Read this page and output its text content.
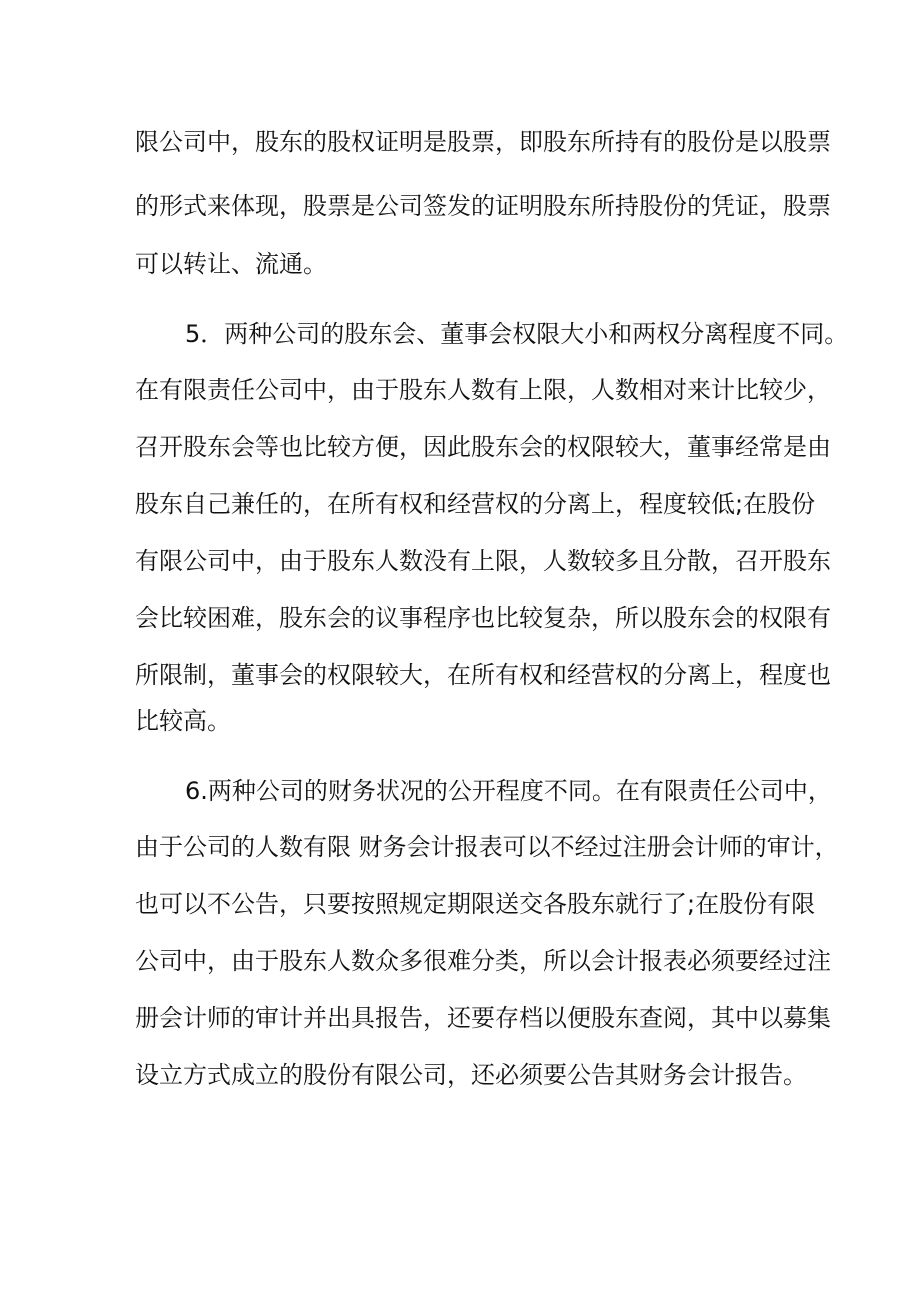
限公司中，股东的股权证明是股票，即股东所持有的股份是以股票
的形式来体现，股票是公司签发的证明股东所持股份的凭证，股票
可以转让、流通。
5．两种公司的股东会、董事会权限大小和两权分离程度不同。
在有限责任公司中，由于股东人数有上限，人数相对来计比较少，
召开股东会等也比较方便，因此股东会的权限较大，董事经常是由
股东自己兼任的，在所有权和经营权的分离上，程度较低;在股份
有限公司中，由于股东人数没有上限，人数较多且分散，召开股东
会比较困难，股东会的议事程序也比较复杂，所以股东会的权限有
所限制，董事会的权限较大，在所有权和经营权的分离上，程度也
比较高。
6.两种公司的财务状况的公开程度不同。在有限责任公司中，
由于公司的人数有限 财务会计报表可以不经过注册会计师的审计，
也可以不公告，只要按照规定期限送交各股东就行了;在股份有限
公司中，由于股东人数众多很难分类，所以会计报表必须要经过注
册会计师的审计并出具报告，还要存档以便股东查阅，其中以募集
设立方式成立的股份有限公司，还必须要公告其财务会计报告。
